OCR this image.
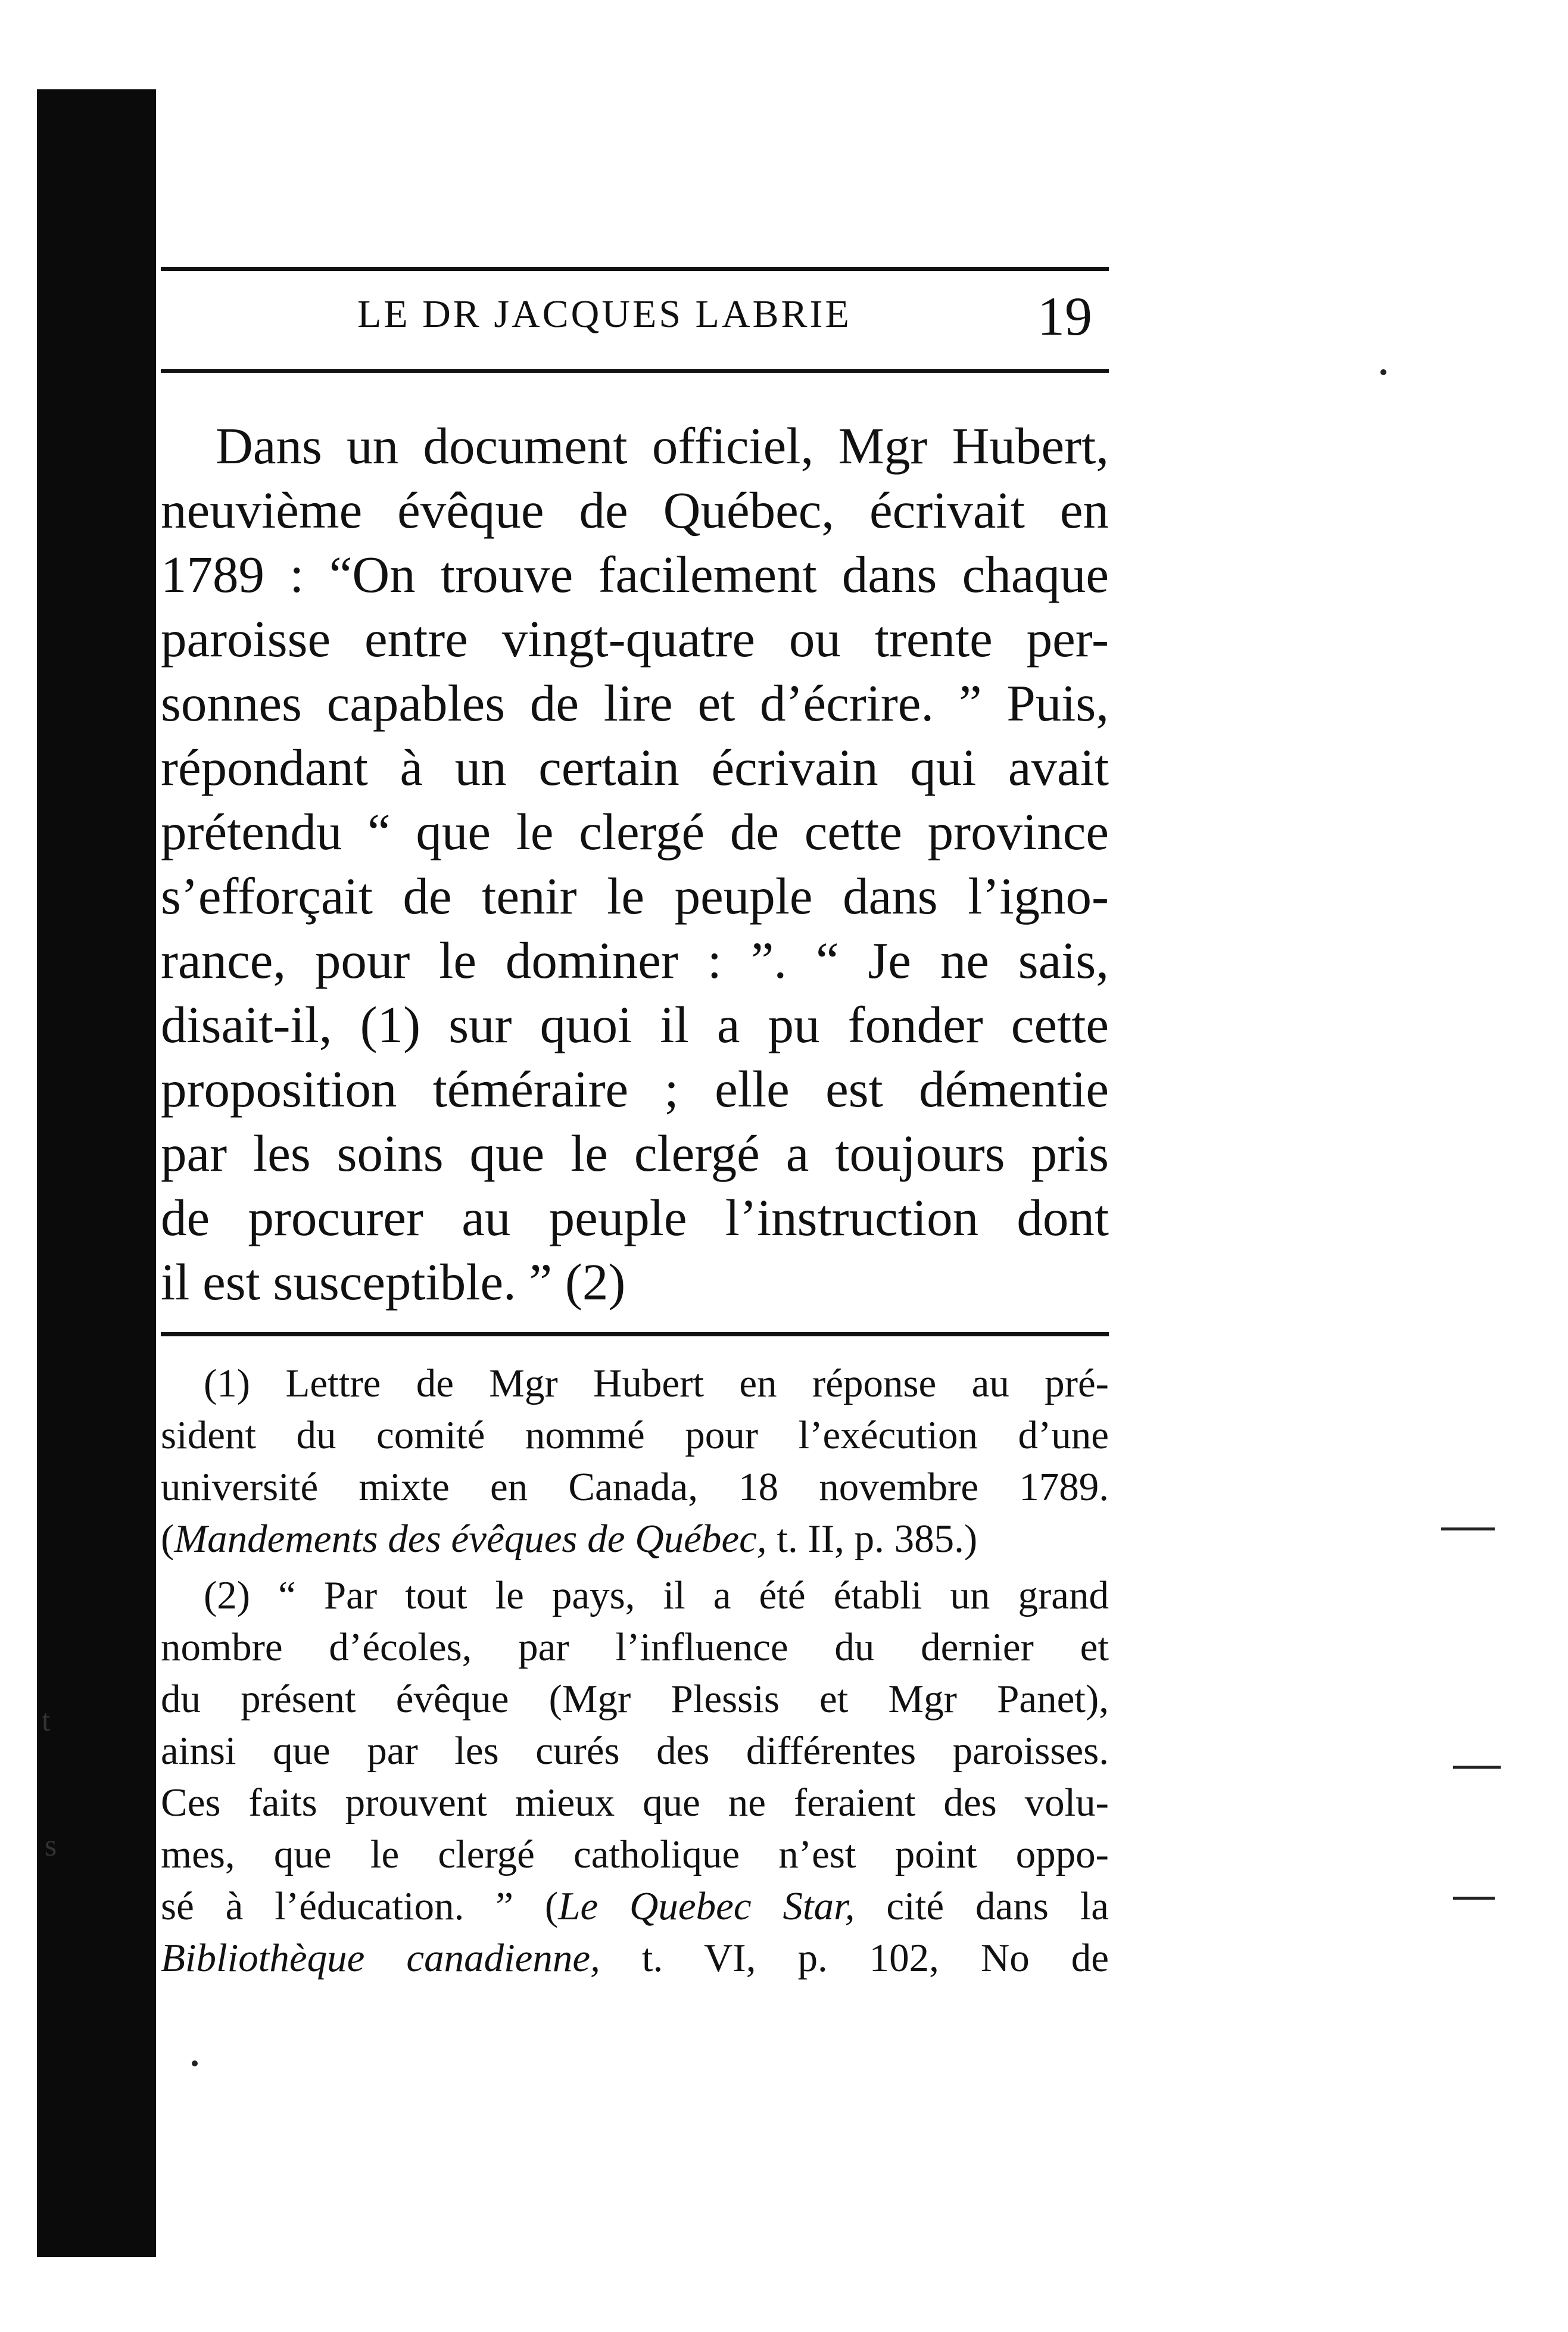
LE DR JACQUES LABRIE	19
Dans un document officiel, Mgr Hubert,
neuvième évêque de Québec, écrivait en
1789 : “On trouve facilement dans chaque
paroisse entre vingt-quatre ou trente per-
sonnes capables de lire et d’écrire. ” Puis,
répondant à un certain écrivain qui avait
prétendu “ que le clergé de cette province
s’efforçait de tenir le peuple dans l’igno-
rance, pour le dominer : ”. “ Je ne sais,
disait-il, (1) sur quoi il a pu fonder cette
proposition téméraire ; elle est démentie
par les soins que le clergé a toujours pris
de procurer au peuple l’instruction dont
il est susceptible. ” (2)
(1) Lettre de Mgr Hubert en réponse au pré-
sident du comité nommé pour l’exécution d’une
université mixte en Canada, 18 novembre 1789.
(Mandements des évêques de Québec, t. II, p. 385.)
(2) “ Par tout le pays, il a été établi un grand
nombre d’écoles, par l’influence du dernier et
du présent évêque (Mgr Plessis et Mgr Panet),
ainsi que par les curés des différentes paroisses.
Ces faits prouvent mieux que ne feraient des volu-
mes, que le clergé catholique n’est point oppo-
sé à l’éducation. ” (Le Quebec Star, cité dans la
Bibliothèque canadienne, t. VI, p. 102, No de
t
s
